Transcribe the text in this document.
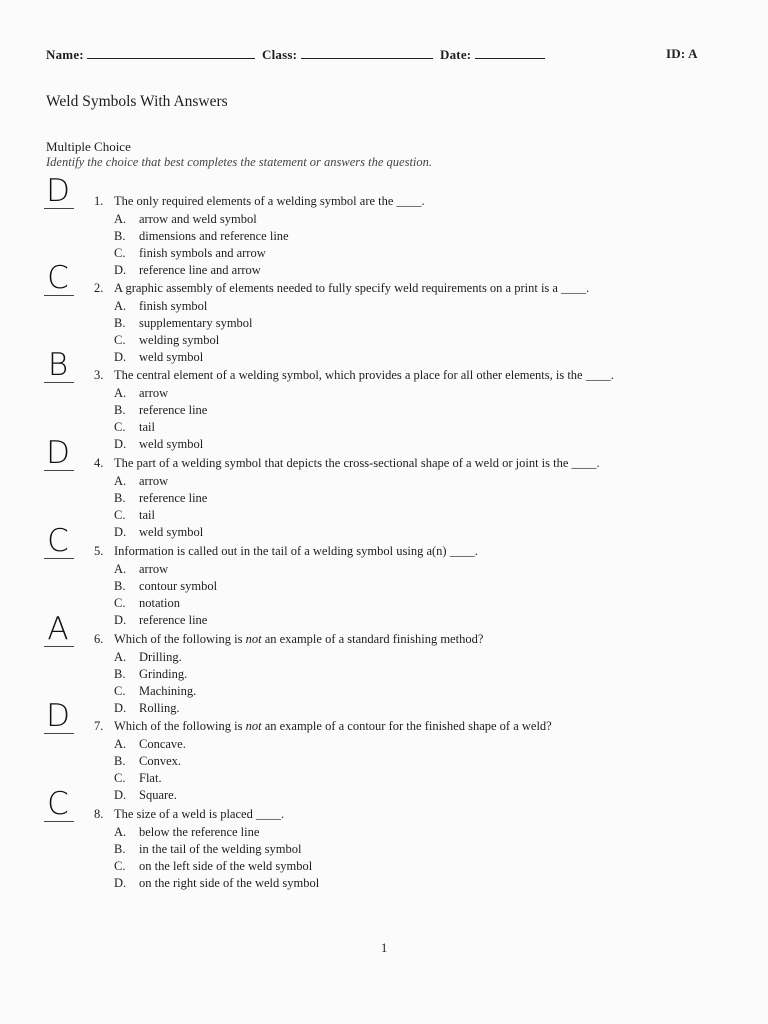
Name:	Class:	Date:	ID: A
Weld Symbols With Answers
Multiple Choice
Identify the choice that best completes the statement or answers the question.
D	1. The only required elements of a welding symbol are the ____.
A. arrow and weld symbol
B. dimensions and reference line
C. finish symbols and arrow
D. reference line and arrow
C	2. A graphic assembly of elements needed to fully specify weld requirements on a print is a ____.
A. finish symbol
B. supplementary symbol
C. welding symbol
D. weld symbol
B	3. The central element of a welding symbol, which provides a place for all other elements, is the ____.
A. arrow
B. reference line
C. tail
D. weld symbol
D	4. The part of a welding symbol that depicts the cross-sectional shape of a weld or joint is the ____.
A. arrow
B. reference line
C. tail
D. weld symbol
C	5. Information is called out in the tail of a welding symbol using a(n) ____.
A. arrow
B. contour symbol
C. notation
D. reference line
A	6. Which of the following is not an example of a standard finishing method?
A. Drilling.
B. Grinding.
C. Machining.
D. Rolling.
D	7. Which of the following is not an example of a contour for the finished shape of a weld?
A. Concave.
B. Convex.
C. Flat.
D. Square.
C	8. The size of a weld is placed ____.
A. below the reference line
B. in the tail of the welding symbol
C. on the left side of the weld symbol
D. on the right side of the weld symbol
1
